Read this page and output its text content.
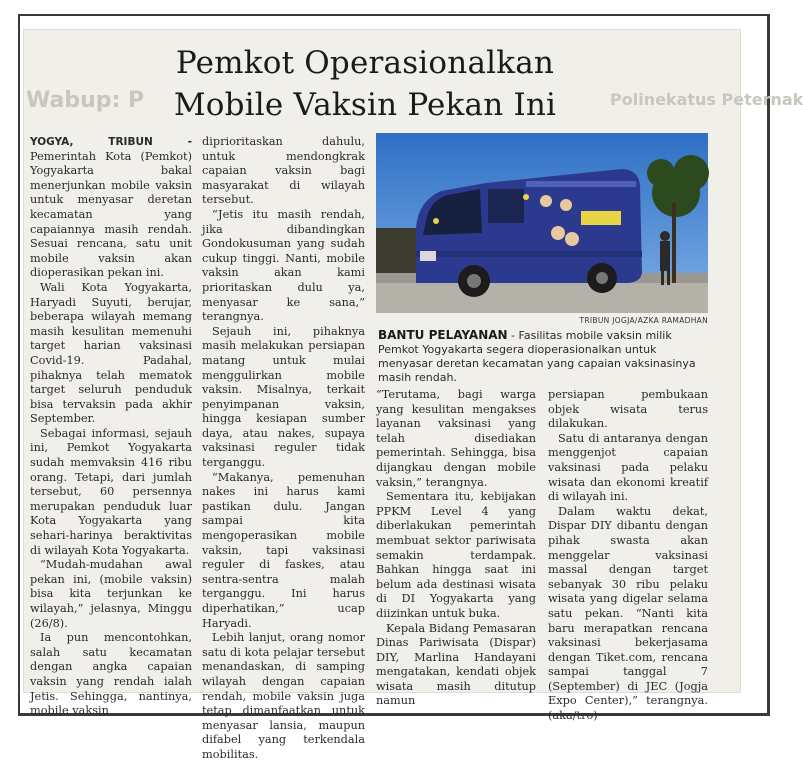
Wabup: P	Polinekatus Peternak
Pemkot Operasionalkan
Mobile Vaksin Pekan Ini

YOGYA, TRIBUN - Pemerintah Kota (Pemkot) Yogyakarta bakal menerjunkan mobile vaksin untuk menyasar deretan kecamatan yang capaiannya masih rendah. Sesuai rencana, satu unit mobile vaksin akan dioperasikan pekan ini.

Wali Kota Yogyakarta, Haryadi Suyuti, berujar, beberapa wilayah memang masih kesulitan memenuhi target harian vaksinasi Covid-19. Padahal, pihaknya telah mematok target seluruh penduduk bisa tervaksin pada akhir September.

Sebagai informasi, sejauh ini, Pemkot Yogyakarta sudah memvaksin 416 ribu orang. Tetapi, dari jumlah tersebut, 60 persennya merupakan penduduk luar Kota Yogyakarta yang sehari-harinya beraktivitas di wilayah Kota Yogyakarta.

“Mudah-mudahan awal pekan ini, (mobile vaksin) bisa kita terjunkan ke wilayah,” jelasnya, Minggu (26/8).

Ia pun mencontohkan, salah satu kecamatan dengan angka capaian vaksin yang rendah ialah Jetis. Sehingga, nantinya, mobile vaksin

diprioritaskan dahulu, untuk mendongkrak capaian vaksin bagi masyarakat di wilayah tersebut.

“Jetis itu masih rendah, jika dibandingkan Gondokusuman yang sudah cukup tinggi. Nanti, mobile vaksin akan kami prioritaskan dulu ya, menyasar ke sana,” terangnya.

Sejauh ini, pihaknya masih melakukan persiapan matang untuk mulai menggulirkan mobile vaksin. Misalnya, terkait penyimpanan vaksin, hingga kesiapan sumber daya, atau nakes, supaya vaksinasi reguler tidak terganggu.

“Makanya, pemenuhan nakes ini harus kami pastikan dulu. Jangan sampai kita mengoperasikan mobile vaksin, tapi vaksinasi reguler di faskes, atau sentra-sentra malah terganggu. Ini harus diperhatikan,” ucap Haryadi.

Lebih lanjut, orang nomor satu di kota pelajar tersebut menandaskan, di samping wilayah dengan capaian rendah, mobile vaksin juga tetap dimanfaatkan untuk menyasar lansia, maupun difabel yang terkendala mobilitas.

TRIBUN JOGJA/AZKA RAMADHAN
BANTU PELAYANAN - Fasilitas mobile vaksin milik Pemkot Yogyakarta segera dioperasionalkan untuk menyasar deretan kecamatan yang capaian vaksinasinya masih rendah.

“Terutama, bagi warga yang kesulitan mengakses layanan vaksinasi yang telah disediakan pemerintah. Sehingga, bisa dijangkau dengan mobile vaksin,” terangnya.

Sementara itu, kebijakan PPKM Level 4 yang diberlakukan pemerintah membuat sektor pariwisata semakin terdampak. Bahkan hingga saat ini belum ada destinasi wisata di DI Yogyakarta yang diizinkan untuk buka.

Kepala Bidang Pemasaran Dinas Pariwisata (Dispar) DIY, Marlina Handayani mengatakan, kendati objek wisata masih ditutup namun

persiapan pembukaan objek wisata terus dilakukan.

Satu di antaranya dengan menggenjot capaian vaksinasi pada pelaku wisata dan ekonomi kreatif di wilayah ini.

Dalam waktu dekat, Dispar DIY dibantu dengan pihak swasta akan menggelar vaksinasi massal dengan target sebanyak 30 ribu pelaku wisata yang digelar selama satu pekan. “Nanti kita baru merapatkan rencana vaksinasi bekerjasama dengan Tiket.com, rencana sampai tanggal 7 (September) di JEC (Jogja Expo Center),” terangnya. (aka/tro)
